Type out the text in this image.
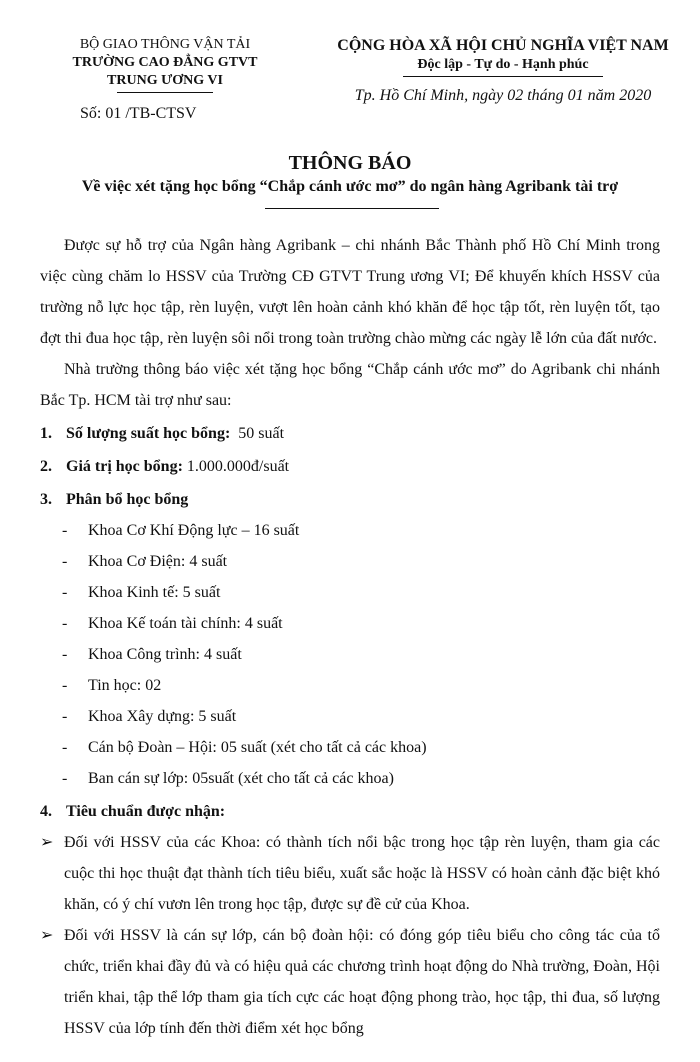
BỘ GIAO THÔNG VẬN TẢI
TRƯỜNG CAO ĐẲNG GTVT
TRUNG ƯƠNG VI
Số: 01 /TB-CTSV
CỘNG HÒA XÃ HỘI CHỦ NGHĨA VIỆT NAM
Độc lập - Tự do - Hạnh phúc
Tp. Hồ Chí Minh, ngày 02 tháng 01 năm 2020
THÔNG BÁO
Về việc xét tặng học bổng “Chắp cánh ước mơ” do ngân hàng Agribank tài trợ
Được sự hỗ trợ của Ngân hàng Agribank – chi nhánh Bắc Thành phố Hồ Chí Minh trong việc cùng chăm lo HSSV của Trường CĐ GTVT Trung ương VI; Để khuyến khích HSSV của trường nỗ lực học tập, rèn luyện, vượt lên hoàn cảnh khó khăn để học tập tốt, rèn luyện tốt, tạo đợt thi đua học tập, rèn luyện sôi nổi trong toàn trường chào mừng các ngày lễ lớn của đất nước.
Nhà trường thông báo việc xét tặng học bổng “Chắp cánh ước mơ” do Agribank chi nhánh Bắc Tp. HCM tài trợ như sau:
1. Số lượng suất học bổng: 50 suất
2. Giá trị học bổng: 1.000.000đ/suất
3. Phân bổ học bổng
- Khoa Cơ Khí Động lực – 16 suất
- Khoa Cơ Điện: 4 suất
- Khoa Kinh tế: 5 suất
- Khoa Kế toán tài chính: 4 suất
- Khoa Công trình: 4 suất
- Tin học: 02
- Khoa Xây dựng: 5 suất
- Cán bộ Đoàn – Hội: 05 suất (xét cho tất cả các khoa)
- Ban cán sự lớp: 05suất (xét cho tất cả các khoa)
4. Tiêu chuẩn được nhận:
➢ Đối với HSSV của các Khoa: có thành tích nổi bậc trong học tập rèn luyện, tham gia các cuộc thi học thuật đạt thành tích tiêu biểu, xuất sắc hoặc là HSSV có hoàn cảnh đặc biệt khó khăn, có ý chí vươn lên trong học tập, được sự đề cử của Khoa.
➢ Đối với HSSV là cán sự lớp, cán bộ đoàn hội: có đóng góp tiêu biểu cho công tác của tổ chức, triển khai đầy đủ và có hiệu quả các chương trình hoạt động do Nhà trường, Đoàn, Hội triển khai, tập thể lớp tham gia tích cực các hoạt động phong trào, học tập, thi đua, số lượng HSSV của lớp tính đến thời điểm xét học bổng
